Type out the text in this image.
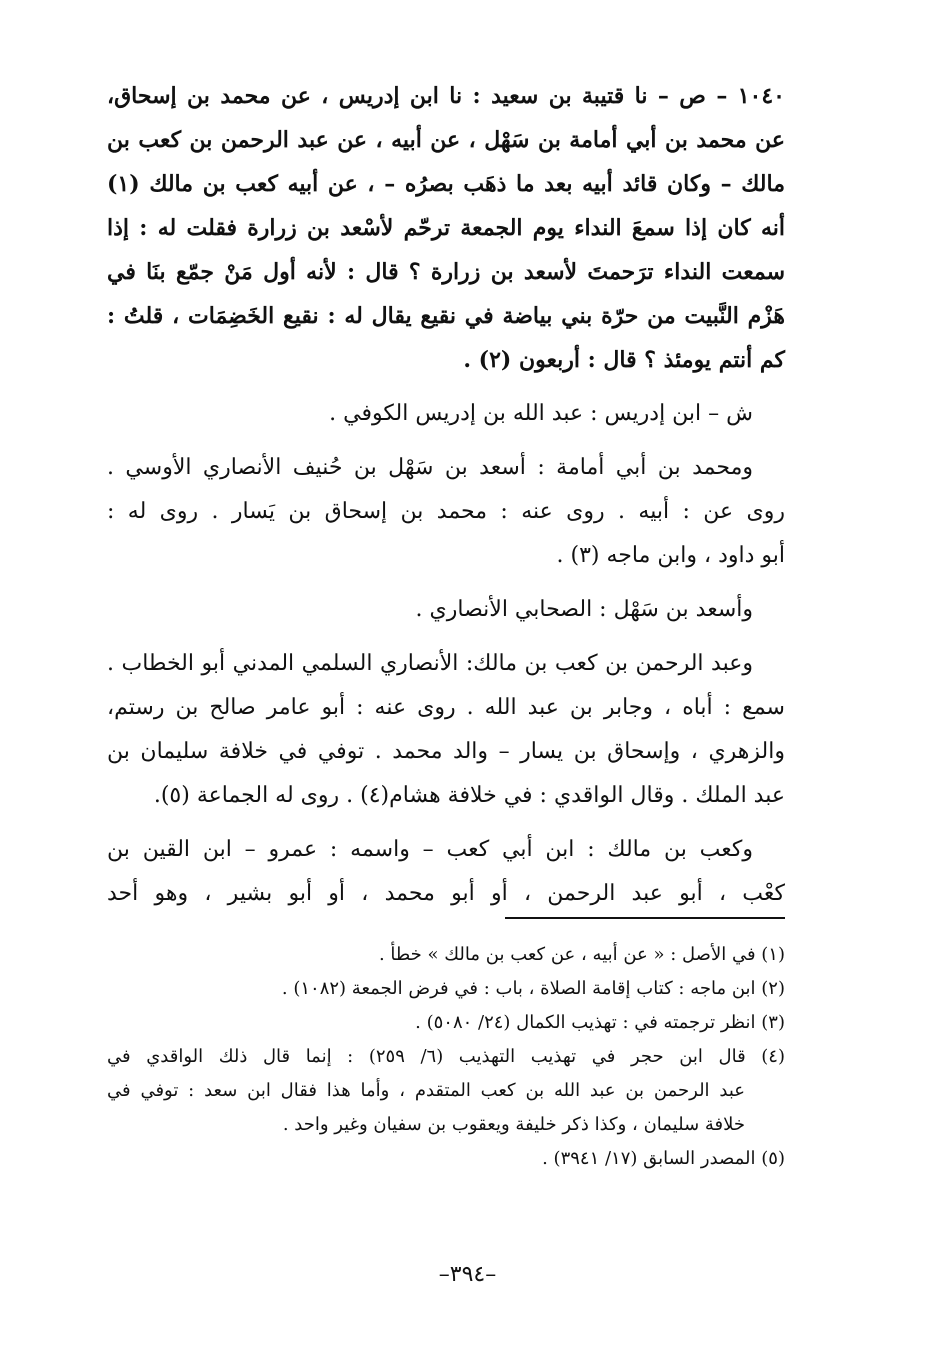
١٠٤٠ – ص – نا قتيبة بن سعيد : نا ابن إدريس ، عن محمد بن إسحاق،
عن محمد بن أبي أمامة بن سَهْل ، عن أبيه ، عن عبد الرحمن بن كعب بن
مالك – وكان قائد أبيه بعد ما ذهَب بصرُه – ، عن أبيه كعب بن مالك (١)
أنه كان إذا سمعَ النداء يوم الجمعة ترحّم لأسْعد بن زرارة فقلت له : إذا
سمعت النداء ترَحمتَ لأسعد بن زرارة ؟ قال : لأنه أول مَنْ جمّع بنَا في
هَزْم النَّبيت من حرّة بني بياضة في نقيع يقال له : نقيع الخَضِمَات ، قلتُ :
كم أنتم يومئذ ؟ قال : أربعون (٢) .
ش – ابن إدريس : عبد الله بن إدريس الكوفي .
ومحمد بن أبي أمامة : أسعد بن سَهْل بن حُنيف الأنصاري الأوسي .
روى عن : أبيه . روى عنه : محمد بن إسحاق بن يَسار . روى له :
أبو داود ، وابن ماجه (٣) .
وأسعد بن سَهْل : الصحابي الأنصاري .
وعبد الرحمن بن كعب بن مالك: الأنصاري السلمي المدني أبو الخطاب .
سمع : أباه ، وجابر بن عبد الله . روى عنه : أبو عامر صالح بن رستم،
والزهري ، وإسحاق بن يسار – والد محمد . توفي في خلافة سليمان بن
عبد الملك . وقال الواقدي : في خلافة هشام(٤) . روى له الجماعة (٥).
وكعب بن مالك : ابن أبي كعب – واسمه : عمرو – ابن القين بن
كعْب ، أبو عبد الرحمن ، أو أبو محمد ، أو أبو بشير ، وهو أحد
(١) في الأصل : « عن أبيه ، عن كعب بن مالك » خطأ .
(٢) ابن ماجه : كتاب إقامة الصلاة ، باب : في فرض الجمعة (١٠٨٢) .
(٣) انظر ترجمته في : تهذيب الكمال (٢٤/ ٥٠٨٠) .
(٤) قال ابن حجر في تهذيب التهذيب (٦/ ٢٥٩) : إنما قال ذلك الواقدي في
عبد الرحمن بن عبد الله بن كعب المتقدم ، وأما هذا فقال ابن سعد : توفي في
خلافة سليمان ، وكذا ذكر خليفة ويعقوب بن سفيان وغير واحد .
(٥) المصدر السابق (١٧/ ٣٩٤١) .
–٣٩٤–
